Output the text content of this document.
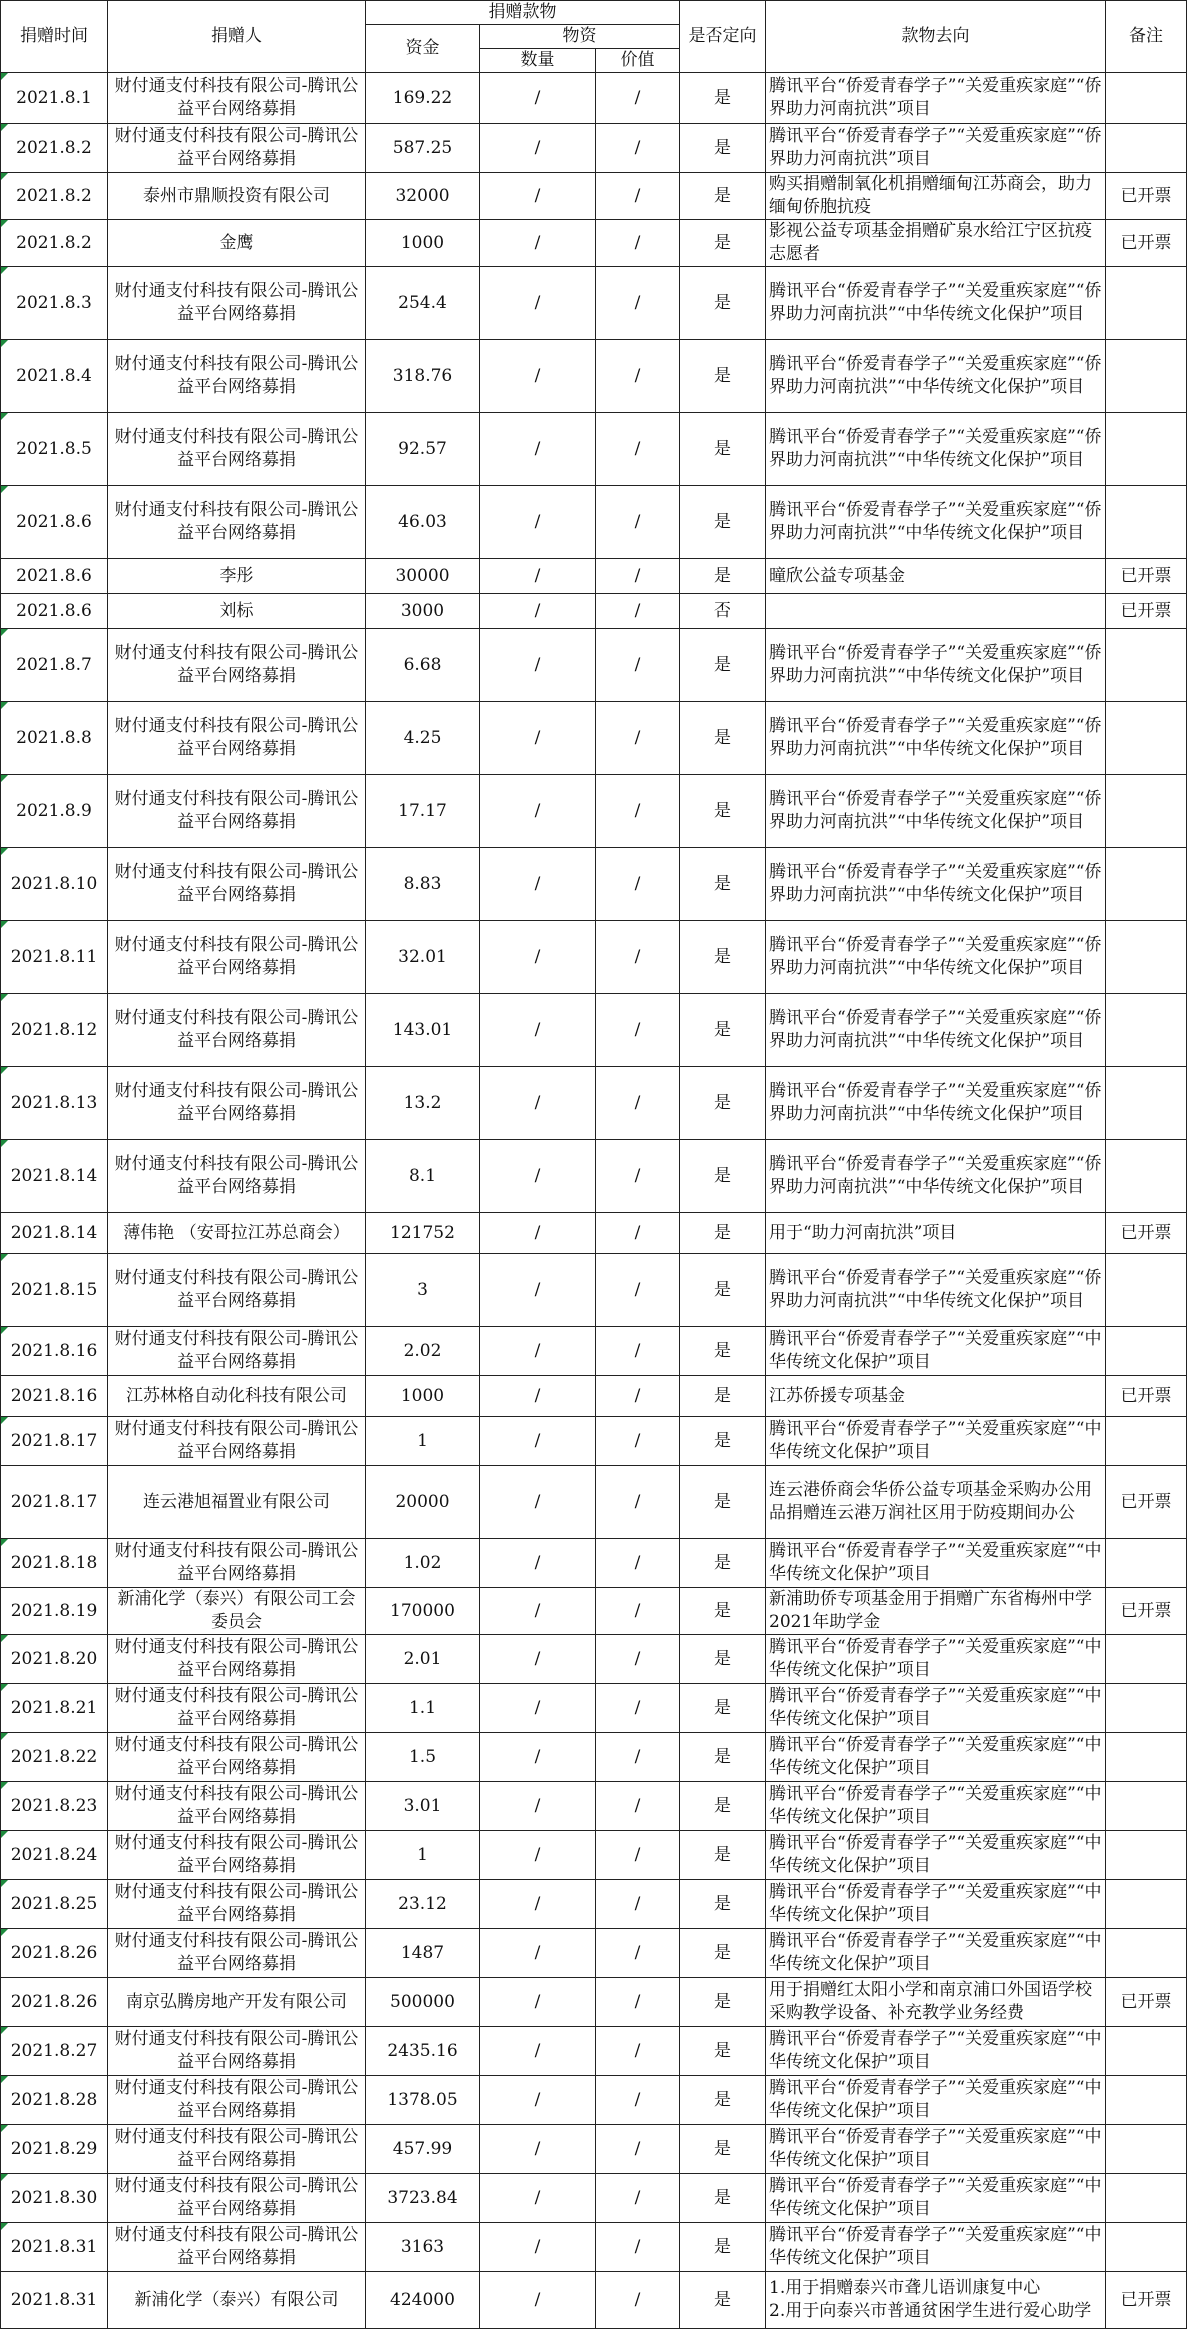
捐赠时间	捐赠人	捐赠款物			是否定向	款物去向	备注
		资金	物资				
			数量	价值			
2021.8.1	财付通支付科技有限公司-腾讯公益平台网络募捐	169.22	/	/	是	腾讯平台“侨爱青春学子”“关爱重疾家庭”“侨界助力河南抗洪”项目	
2021.8.2	财付通支付科技有限公司-腾讯公益平台网络募捐	587.25	/	/	是	腾讯平台“侨爱青春学子”“关爱重疾家庭”“侨界助力河南抗洪”项目	
2021.8.2	泰州市鼎顺投资有限公司	32000	/	/	是	购买捐赠制氧化机捐赠缅甸江苏商会，助力缅甸侨胞抗疫	已开票
2021.8.2	金鹰	1000	/	/	是	影视公益专项基金捐赠矿泉水给江宁区抗疫志愿者	已开票
2021.8.3	财付通支付科技有限公司-腾讯公益平台网络募捐	254.4	/	/	是	腾讯平台“侨爱青春学子”“关爱重疾家庭”“侨界助力河南抗洪”“中华传统文化保护”项目	
2021.8.4	财付通支付科技有限公司-腾讯公益平台网络募捐	318.76	/	/	是	腾讯平台“侨爱青春学子”“关爱重疾家庭”“侨界助力河南抗洪”“中华传统文化保护”项目	
2021.8.5	财付通支付科技有限公司-腾讯公益平台网络募捐	92.57	/	/	是	腾讯平台“侨爱青春学子”“关爱重疾家庭”“侨界助力河南抗洪”“中华传统文化保护”项目	
2021.8.6	财付通支付科技有限公司-腾讯公益平台网络募捐	46.03	/	/	是	腾讯平台“侨爱青春学子”“关爱重疾家庭”“侨界助力河南抗洪”“中华传统文化保护”项目	
2021.8.6	李彤	30000	/	/	是	曈欣公益专项基金	已开票
2021.8.6	刘标	3000	/	/	否		已开票
2021.8.7	财付通支付科技有限公司-腾讯公益平台网络募捐	6.68	/	/	是	腾讯平台“侨爱青春学子”“关爱重疾家庭”“侨界助力河南抗洪”“中华传统文化保护”项目	
2021.8.8	财付通支付科技有限公司-腾讯公益平台网络募捐	4.25	/	/	是	腾讯平台“侨爱青春学子”“关爱重疾家庭”“侨界助力河南抗洪”“中华传统文化保护”项目	
2021.8.9	财付通支付科技有限公司-腾讯公益平台网络募捐	17.17	/	/	是	腾讯平台“侨爱青春学子”“关爱重疾家庭”“侨界助力河南抗洪”“中华传统文化保护”项目	
2021.8.10	财付通支付科技有限公司-腾讯公益平台网络募捐	8.83	/	/	是	腾讯平台“侨爱青春学子”“关爱重疾家庭”“侨界助力河南抗洪”“中华传统文化保护”项目	
2021.8.11	财付通支付科技有限公司-腾讯公益平台网络募捐	32.01	/	/	是	腾讯平台“侨爱青春学子”“关爱重疾家庭”“侨界助力河南抗洪”“中华传统文化保护”项目	
2021.8.12	财付通支付科技有限公司-腾讯公益平台网络募捐	143.01	/	/	是	腾讯平台“侨爱青春学子”“关爱重疾家庭”“侨界助力河南抗洪”“中华传统文化保护”项目	
2021.8.13	财付通支付科技有限公司-腾讯公益平台网络募捐	13.2	/	/	是	腾讯平台“侨爱青春学子”“关爱重疾家庭”“侨界助力河南抗洪”“中华传统文化保护”项目	
2021.8.14	财付通支付科技有限公司-腾讯公益平台网络募捐	8.1	/	/	是	腾讯平台“侨爱青春学子”“关爱重疾家庭”“侨界助力河南抗洪”“中华传统文化保护”项目	
2021.8.14	薄伟艳 （安哥拉江苏总商会）	121752	/	/	是	用于“助力河南抗洪”项目	已开票
2021.8.15	财付通支付科技有限公司-腾讯公益平台网络募捐	3	/	/	是	腾讯平台“侨爱青春学子”“关爱重疾家庭”“侨界助力河南抗洪”“中华传统文化保护”项目	
2021.8.16	财付通支付科技有限公司-腾讯公益平台网络募捐	2.02	/	/	是	腾讯平台“侨爱青春学子”“关爱重疾家庭”“中华传统文化保护”项目	
2021.8.16	江苏林格自动化科技有限公司	1000	/	/	是	江苏侨援专项基金	已开票
2021.8.17	财付通支付科技有限公司-腾讯公益平台网络募捐	1	/	/	是	腾讯平台“侨爱青春学子”“关爱重疾家庭”“中华传统文化保护”项目	
2021.8.17	连云港旭福置业有限公司	20000	/	/	是	连云港侨商会华侨公益专项基金采购办公用品捐赠连云港万润社区用于防疫期间办公	已开票
2021.8.18	财付通支付科技有限公司-腾讯公益平台网络募捐	1.02	/	/	是	腾讯平台“侨爱青春学子”“关爱重疾家庭”“中华传统文化保护”项目	
2021.8.19	新浦化学（泰兴）有限公司工会委员会	170000	/	/	是	新浦助侨专项基金用于捐赠广东省梅州中学2021年助学金	已开票
2021.8.20	财付通支付科技有限公司-腾讯公益平台网络募捐	2.01	/	/	是	腾讯平台“侨爱青春学子”“关爱重疾家庭”“中华传统文化保护”项目	
2021.8.21	财付通支付科技有限公司-腾讯公益平台网络募捐	1.1	/	/	是	腾讯平台“侨爱青春学子”“关爱重疾家庭”“中华传统文化保护”项目	
2021.8.22	财付通支付科技有限公司-腾讯公益平台网络募捐	1.5	/	/	是	腾讯平台“侨爱青春学子”“关爱重疾家庭”“中华传统文化保护”项目	
2021.8.23	财付通支付科技有限公司-腾讯公益平台网络募捐	3.01	/	/	是	腾讯平台“侨爱青春学子”“关爱重疾家庭”“中华传统文化保护”项目	
2021.8.24	财付通支付科技有限公司-腾讯公益平台网络募捐	1	/	/	是	腾讯平台“侨爱青春学子”“关爱重疾家庭”“中华传统文化保护”项目	
2021.8.25	财付通支付科技有限公司-腾讯公益平台网络募捐	23.12	/	/	是	腾讯平台“侨爱青春学子”“关爱重疾家庭”“中华传统文化保护”项目	
2021.8.26	财付通支付科技有限公司-腾讯公益平台网络募捐	1487	/	/	是	腾讯平台“侨爱青春学子”“关爱重疾家庭”“中华传统文化保护”项目	
2021.8.26	南京弘腾房地产开发有限公司	500000	/	/	是	用于捐赠红太阳小学和南京浦口外国语学校采购教学设备、补充教学业务经费	已开票
2021.8.27	财付通支付科技有限公司-腾讯公益平台网络募捐	2435.16	/	/	是	腾讯平台“侨爱青春学子”“关爱重疾家庭”“中华传统文化保护”项目	
2021.8.28	财付通支付科技有限公司-腾讯公益平台网络募捐	1378.05	/	/	是	腾讯平台“侨爱青春学子”“关爱重疾家庭”“中华传统文化保护”项目	
2021.8.29	财付通支付科技有限公司-腾讯公益平台网络募捐	457.99	/	/	是	腾讯平台“侨爱青春学子”“关爱重疾家庭”“中华传统文化保护”项目	
2021.8.30	财付通支付科技有限公司-腾讯公益平台网络募捐	3723.84	/	/	是	腾讯平台“侨爱青春学子”“关爱重疾家庭”“中华传统文化保护”项目	
2021.8.31	财付通支付科技有限公司-腾讯公益平台网络募捐	3163	/	/	是	腾讯平台“侨爱青春学子”“关爱重疾家庭”“中华传统文化保护”项目	
2021.8.31	新浦化学（泰兴）有限公司	424000	/	/	是	1.用于捐赠泰兴市聋儿语训康复中心
2.用于向泰兴市普通贫困学生进行爱心助学	已开票
